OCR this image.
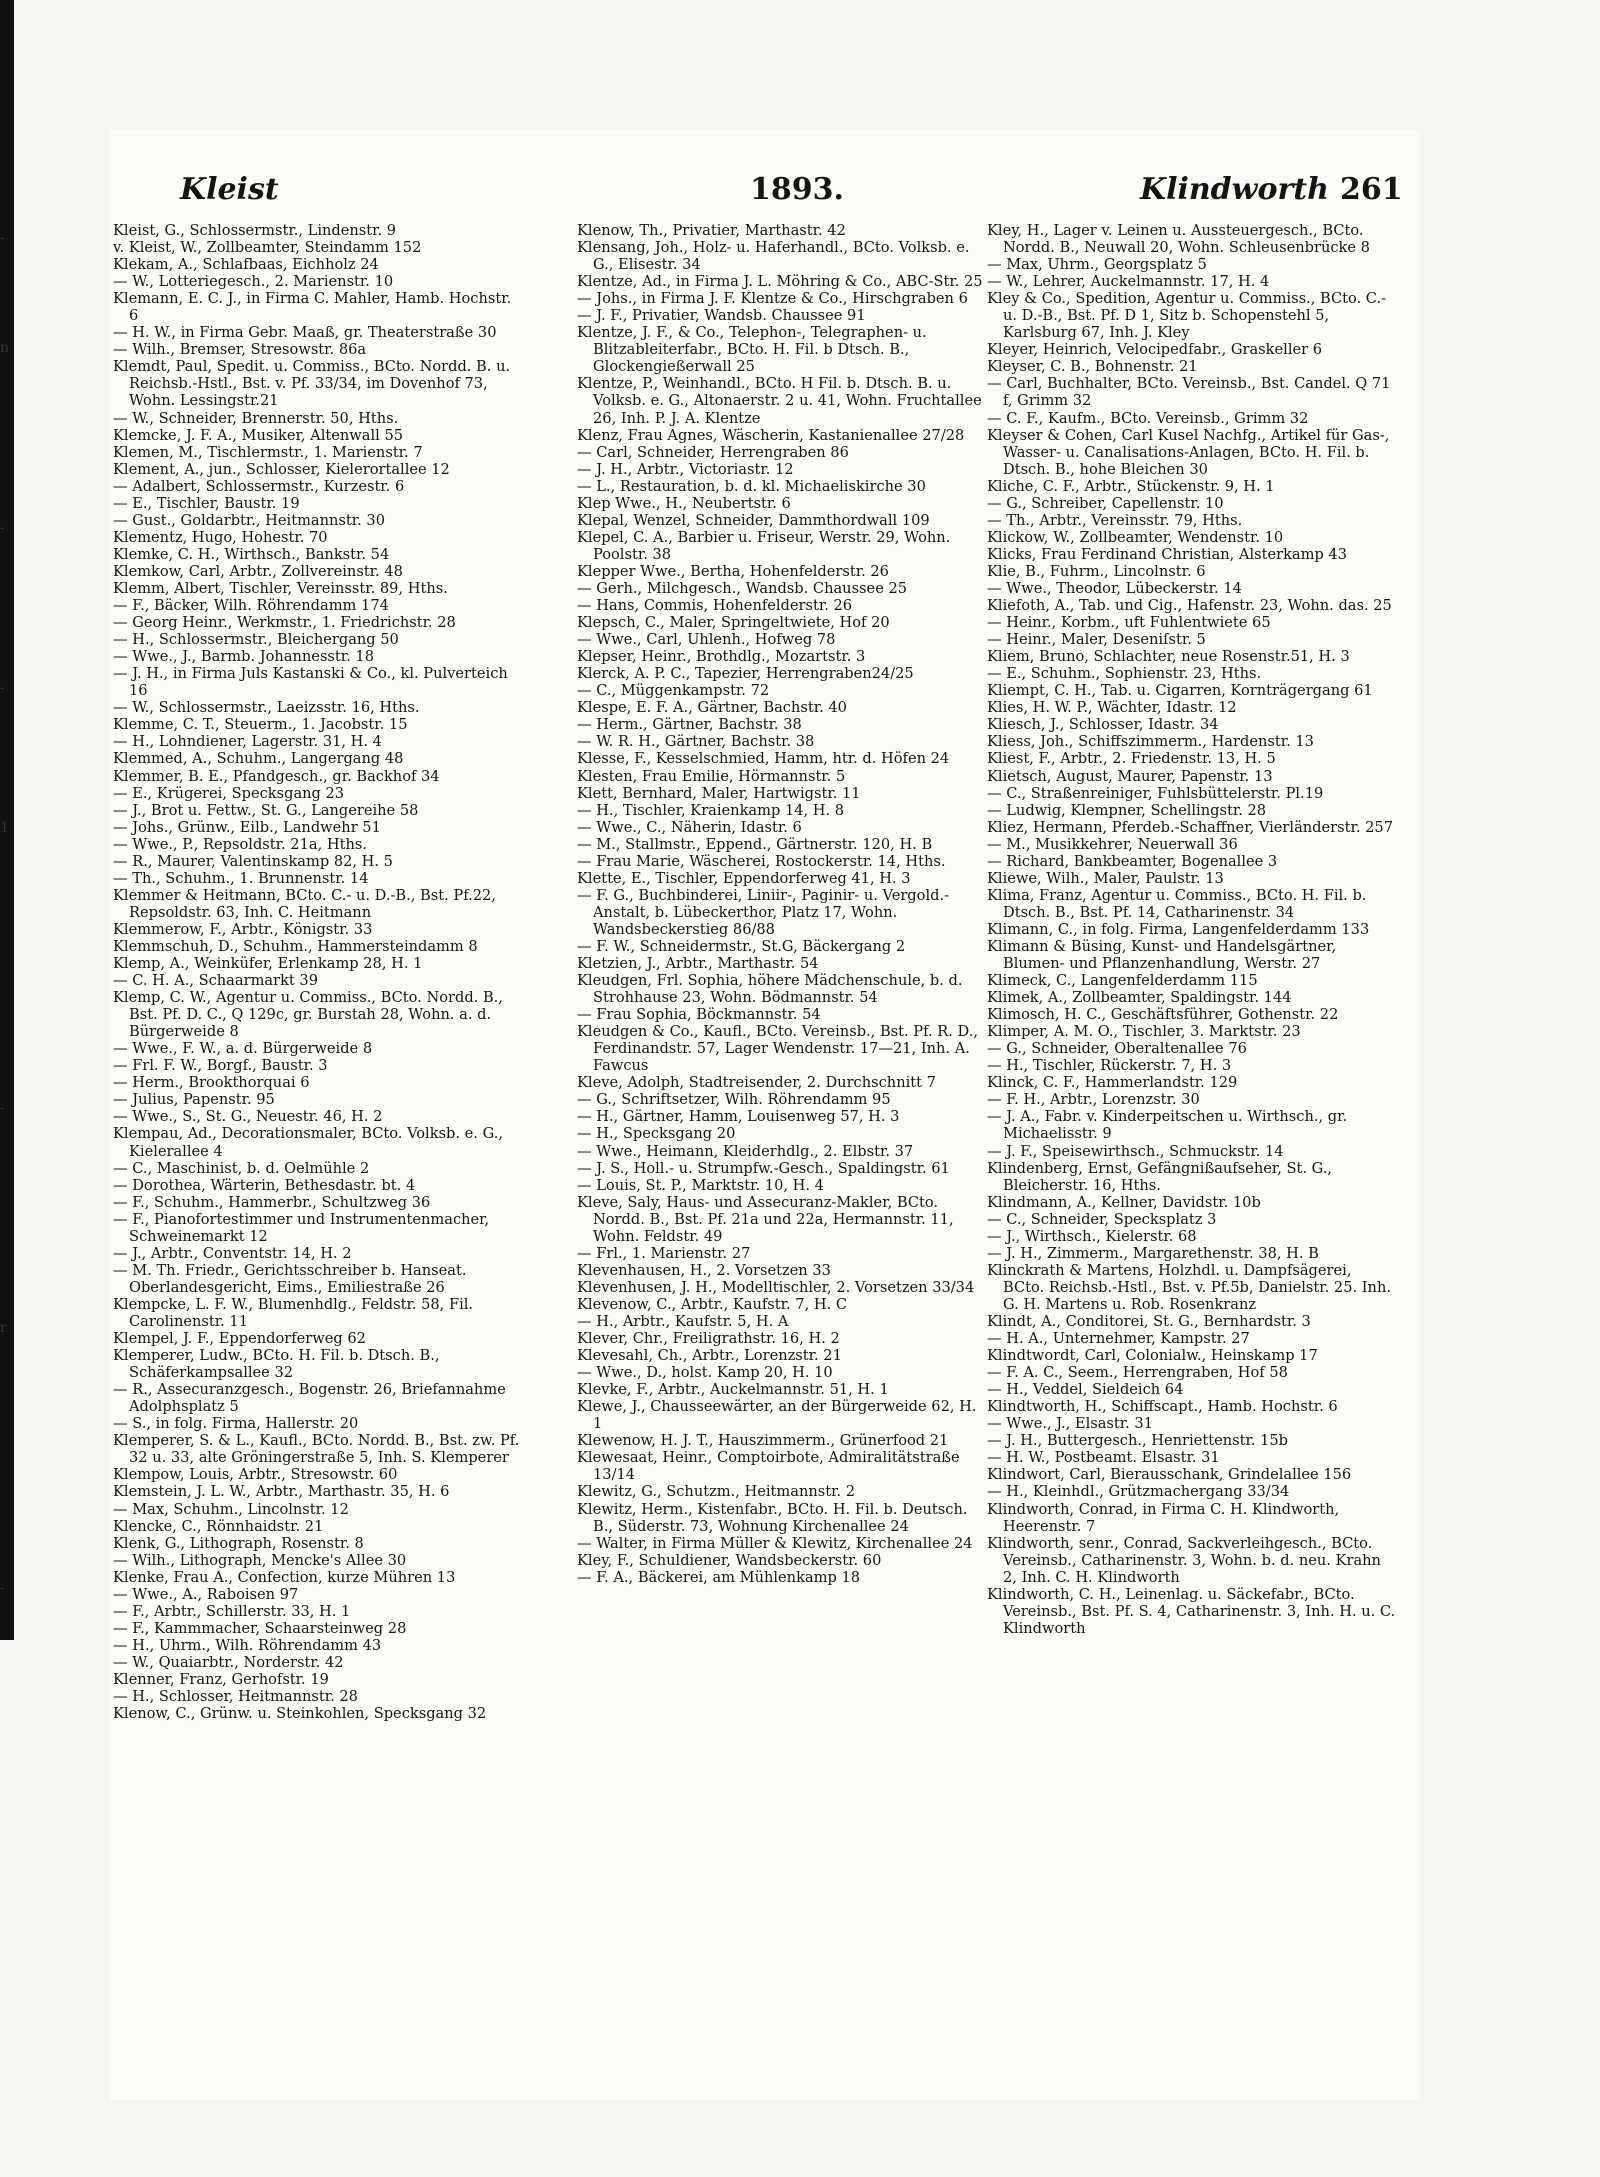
-
n
-
-
1
-
r
-
Kleist	1893.	Klindworth 261
Kleist, G., Schlossermstr., Lindenstr. 9
v. Kleist, W., Zollbeamter, Steindamm 152
Klekam, A., Schlafbaas, Eichholz 24
— W., Lotteriegesch., 2. Marienstr. 10
Klemann, E. C. J., in Firma C. Mahler, Hamb. Hochstr. 6
— H. W., in Firma Gebr. Maaß, gr. Theaterstraße 30
— Wilh., Bremser, Stresowstr. 86a
Klemdt, Paul, Spedit. u. Commiss., BCto. Nordd. B. u. Reichsb.-Hstl., Bst. v. Pf. 33/34, im Dovenhof 73, Wohn. Lessingstr.21
— W., Schneider, Brennerstr. 50, Hths.
Klemcke, J. F. A., Musiker, Altenwall 55
Klemen, M., Tischlermstr., 1. Marienstr. 7
Klement, A., jun., Schlosser, Kielerortallee 12
— Adalbert, Schlossermstr., Kurzestr. 6
— E., Tischler, Baustr. 19
— Gust., Goldarbtr., Heitmannstr. 30
Klementz, Hugo, Hohestr. 70
Klemke, C. H., Wirthsch., Bankstr. 54
Klemkow, Carl, Arbtr., Zollvereinstr. 48
Klemm, Albert, Tischler, Vereinsstr. 89, Hths.
— F., Bäcker, Wilh. Röhrendamm 174
— Georg Heinr., Werkmstr., 1. Friedrichstr. 28
— H., Schlossermstr., Bleichergang 50
— Wwe., J., Barmb. Johannesstr. 18
— J. H., in Firma Juls Kastanski & Co., kl. Pulverteich 16
— W., Schlossermstr., Laeizsstr. 16, Hths.
Klemme, C. T., Steuerm., 1. Jacobstr. 15
— H., Lohndiener, Lagerstr. 31, H. 4
Klemmed, A., Schuhm., Langergang 48
Klemmer, B. E., Pfandgesch., gr. Backhof 34
— E., Krügerei, Specksgang 23
— J., Brot u. Fettw., St. G., Langereihe 58
— Johs., Grünw., Eilb., Landwehr 51
— Wwe., P., Repsoldstr. 21a, Hths.
— R., Maurer, Valentinskamp 82, H. 5
— Th., Schuhm., 1. Brunnenstr. 14
Klemmer & Heitmann, BCto. C.- u. D.-B., Bst. Pf.22, Repsoldstr. 63, Inh. C. Heitmann
Klemmerow, F., Arbtr., Königstr. 33
Klemmschuh, D., Schuhm., Hammersteindamm 8
Klemp, A., Weinküfer, Erlenkamp 28, H. 1
— C. H. A., Schaarmarkt 39
Klemp, C. W., Agentur u. Commiss., BCto. Nordd. B., Bst. Pf. D. C., Q 129c, gr. Burstah 28, Wohn. a. d. Bürgerweide 8
— Wwe., F. W., a. d. Bürgerweide 8
— Frl. F. W., Borgf., Baustr. 3
— Herm., Brookthorquai 6
— Julius, Papenstr. 95
— Wwe., S., St. G., Neuestr. 46, H. 2
Klempau, Ad., Decorationsmaler, BCto. Volksb. e. G., Kielerallee 4
— C., Maschinist, b. d. Oelmühle 2
— Dorothea, Wärterin, Bethesdastr. bt. 4
— F., Schuhm., Hammerbr., Schultzweg 36
— F., Pianofortestimmer und Instrumentenmacher, Schweinemarkt 12
— J., Arbtr., Conventstr. 14, H. 2
— M. Th. Friedr., Gerichtsschreiber b. Hanseat. Oberlandesgericht, Eims., Emiliestraße 26
Klempcke, L. F. W., Blumenhdlg., Feldstr. 58, Fil. Carolinenstr. 11
Klempel, J. F., Eppendorferweg 62
Klemperer, Ludw., BCto. H. Fil. b. Dtsch. B., Schäferkampsallee 32
— R., Assecuranzgesch., Bogenstr. 26, Briefannahme Adolphsplatz 5
— S., in folg. Firma, Hallerstr. 20
Klemperer, S. & L., Kaufl., BCto. Nordd. B., Bst. zw. Pf. 32 u. 33, alte Gröningerstraße 5, Inh. S. Klemperer
Klempow, Louis, Arbtr., Stresowstr. 60
Klemstein, J. L. W., Arbtr., Marthastr. 35, H. 6
— Max, Schuhm., Lincolnstr. 12
Klencke, C., Rönnhaidstr. 21
Klenk, G., Lithograph, Rosenstr. 8
— Wilh., Lithograph, Mencke's Allee 30
Klenke, Frau A., Confection, kurze Mühren 13
— Wwe., A., Raboisen 97
— F., Arbtr., Schillerstr. 33, H. 1
— F., Kammmacher, Schaarsteinweg 28
— H., Uhrm., Wilh. Röhrendamm 43
— W., Quaiarbtr., Norderstr. 42
Klenner, Franz, Gerhofstr. 19
— H., Schlosser, Heitmannstr. 28
Klenow, C., Grünw. u. Steinkohlen, Specksgang 32
Klenow, Th., Privatier, Marthastr. 42
Klensang, Joh., Holz- u. Haferhandl., BCto. Volksb. e. G., Elisestr. 34
Klentze, Ad., in Firma J. L. Möhring & Co., ABC-Str. 25
— Johs., in Firma J. F. Klentze & Co., Hirschgraben 6
— J. F., Privatier, Wandsb. Chaussee 91
Klentze, J. F., & Co., Telephon-, Telegraphen- u. Blitzableiterfabr., BCto. H. Fil. b Dtsch. B., Glockengießerwall 25
Klentze, P., Weinhandl., BCto. H Fil. b. Dtsch. B. u. Volksb. e. G., Altonaerstr. 2 u. 41, Wohn. Fruchtallee 26, Inh. P. J. A. Klentze
Klenz, Frau Agnes, Wäscherin, Kastanienallee 27/28
— Carl, Schneider, Herrengraben 86
— J. H., Arbtr., Victoriastr. 12
— L., Restauration, b. d. kl. Michaeliskirche 30
Klep Wwe., H., Neubertstr. 6
Klepal, Wenzel, Schneider, Dammthordwall 109
Klepel, C. A., Barbier u. Friseur, Werstr. 29, Wohn. Poolstr. 38
Klepper Wwe., Bertha, Hohenfelderstr. 26
— Gerh., Milchgesch., Wandsb. Chaussee 25
— Hans, Commis, Hohenfelderstr. 26
Klepsch, C., Maler, Springeltwiete, Hof 20
— Wwe., Carl, Uhlenh., Hofweg 78
Klepser, Heinr., Brothdlg., Mozartstr. 3
Klerck, A. P. C., Tapezier, Herrengraben24/25
— C., Müggenkampstr. 72
Klespe, E. F. A., Gärtner, Bachstr. 40
— Herm., Gärtner, Bachstr. 38
— W. R. H., Gärtner, Bachstr. 38
Klesse, F., Kesselschmied, Hamm, htr. d. Höfen 24
Klesten, Frau Emilie, Hörmannstr. 5
Klett, Bernhard, Maler, Hartwigstr. 11
— H., Tischler, Kraienkamp 14, H. 8
— Wwe., C., Näherin, Idastr. 6
— M., Stallmstr., Eppend., Gärtnerstr. 120, H. B
— Frau Marie, Wäscherei, Rostockerstr. 14, Hths.
Klette, E., Tischler, Eppendorferweg 41, H. 3
— F. G., Buchbinderei, Liniir-, Paginir- u. Vergold.-Anstalt, b. Lübeckerthor, Platz 17, Wohn. Wandsbeckerstieg 86/88
— F. W., Schneidermstr., St.G, Bäckergang 2
Kletzien, J., Arbtr., Marthastr. 54
Kleudgen, Frl. Sophia, höhere Mädchenschule, b. d. Strohhause 23, Wohn. Bödmannstr. 54
— Frau Sophia, Böckmannstr. 54
Kleudgen & Co., Kaufl., BCto. Vereinsb., Bst. Pf. R. D., Ferdinandstr. 57, Lager Wendenstr. 17—21, Inh. A. Fawcus
Kleve, Adolph, Stadtreisender, 2. Durchschnitt 7
— G., Schriftsetzer, Wilh. Röhrendamm 95
— H., Gärtner, Hamm, Louisenweg 57, H. 3
— H., Specksgang 20
— Wwe., Heimann, Kleiderhdlg., 2. Elbstr. 37
— J. S., Holl.- u. Strumpfw.-Gesch., Spaldingstr. 61
— Louis, St. P., Marktstr. 10, H. 4
Kleve, Saly, Haus- und Assecuranz-Makler, BCto. Nordd. B., Bst. Pf. 21a und 22a, Hermannstr. 11, Wohn. Feldstr. 49
— Frl., 1. Marienstr. 27
Klevenhausen, H., 2. Vorsetzen 33
Klevenhusen, J. H., Modelltischler, 2. Vorsetzen 33/34
Klevenow, C., Arbtr., Kaufstr. 7, H. C
— H., Arbtr., Kaufstr. 5, H. A
Klever, Chr., Freiligrathstr. 16, H. 2
Klevesahl, Ch., Arbtr., Lorenzstr. 21
— Wwe., D., holst. Kamp 20, H. 10
Klevke, F., Arbtr., Auckelmannstr. 51, H. 1
Klewe, J., Chausseewärter, an der Bürgerweide 62, H. 1
Klewenow, H. J. T., Hauszimmerm., Grünerfood 21
Klewesaat, Heinr., Comptoirbote, Admiralitätstraße 13/14
Klewitz, G., Schutzm., Heitmannstr. 2
Klewitz, Herm., Kistenfabr., BCto. H. Fil. b. Deutsch. B., Süderstr. 73, Wohnung Kirchenallee 24
— Walter, in Firma Müller & Klewitz, Kirchenallee 24
Kley, F., Schuldiener, Wandsbeckerstr. 60
— F. A., Bäckerei, am Mühlenkamp 18
Kley, H., Lager v. Leinen u. Aussteuergesch., BCto. Nordd. B., Neuwall 20, Wohn. Schleusenbrücke 8
— Max, Uhrm., Georgsplatz 5
— W., Lehrer, Auckelmannstr. 17, H. 4
Kley & Co., Spedition, Agentur u. Commiss., BCto. C.- u. D.-B., Bst. Pf. D 1, Sitz b. Schopenstehl 5, Karlsburg 67, Inh. J. Kley
Kleyer, Heinrich, Velocipedfabr., Graskeller 6
Kleyser, C. B., Bohnenstr. 21
— Carl, Buchhalter, BCto. Vereinsb., Bst. Candel. Q 71 f, Grimm 32
— C. F., Kaufm., BCto. Vereinsb., Grimm 32
Kleyser & Cohen, Carl Kusel Nachfg., Artikel für Gas-, Wasser- u. Canalisations-Anlagen, BCto. H. Fil. b. Dtsch. B., hohe Bleichen 30
Kliche, C. F., Arbtr., Stückenstr. 9, H. 1
— G., Schreiber, Capellenstr. 10
— Th., Arbtr., Vereinsstr. 79, Hths.
Klickow, W., Zollbeamter, Wendenstr. 10
Klicks, Frau Ferdinand Christian, Alsterkamp 43
Klie, B., Fuhrm., Lincolnstr. 6
— Wwe., Theodor, Lübeckerstr. 14
Kliefoth, A., Tab. und Cig., Hafenstr. 23, Wohn. das. 25
— Heinr., Korbm., uft Fuhlentwiete 65
— Heinr., Maler, Deseniſstr. 5
Kliem, Bruno, Schlachter, neue Rosenstr.51, H. 3
— E., Schuhm., Sophienstr. 23, Hths.
Kliempt, C. H., Tab. u. Cigarren, Kornträgergang 61
Klies, H. W. P., Wächter, Idastr. 12
Kliesch, J., Schlosser, Idastr. 34
Kliess, Joh., Schiffszimmerm., Hardenstr. 13
Kliest, F., Arbtr., 2. Friedenstr. 13, H. 5
Klietsch, August, Maurer, Papenstr. 13
— C., Straßenreiniger, Fuhlsbüttelerstr. Pl.19
— Ludwig, Klempner, Schellingstr. 28
Kliez, Hermann, Pferdeb.-Schaffner, Vierländerstr. 257
— M., Musikkehrer, Neuerwall 36
— Richard, Bankbeamter, Bogenallee 3
Kliewe, Wilh., Maler, Paulstr. 13
Klima, Franz, Agentur u. Commiss., BCto. H. Fil. b. Dtsch. B., Bst. Pf. 14, Catharinenstr. 34
Klimann, C., in folg. Firma, Langenfelderdamm 133
Klimann & Büsing, Kunst- und Handelsgärtner, Blumen- und Pflanzenhandlung, Werstr. 27
Klimeck, C., Langenfelderdamm 115
Klimek, A., Zollbeamter, Spaldingstr. 144
Klimosch, H. C., Geschäftsführer, Gothenstr. 22
Klimper, A. M. O., Tischler, 3. Marktstr. 23
— G., Schneider, Oberaltenallee 76
— H., Tischler, Rückerstr. 7, H. 3
Klinck, C. F., Hammerlandstr. 129
— F. H., Arbtr., Lorenzstr. 30
— J. A., Fabr. v. Kinderpeitschen u. Wirthsch., gr. Michaelisstr. 9
— J. F., Speisewirthsch., Schmuckstr. 14
Klindenberg, Ernst, Gefängnißaufseher, St. G., Bleicherstr. 16, Hths.
Klindmann, A., Kellner, Davidstr. 10b
— C., Schneider, Specksplatz 3
— J., Wirthsch., Kielerstr. 68
— J. H., Zimmerm., Margarethenstr. 38, H. B
Klinckrath & Martens, Holzhdl. u. Dampfsägerei, BCto. Reichsb.-Hstl., Bst. v. Pf.5b, Danielstr. 25. Inh. G. H. Martens u. Rob. Rosenkranz
Klindt, A., Conditorei, St. G., Bernhardstr. 3
— H. A., Unternehmer, Kampstr. 27
Klindtwordt, Carl, Colonialw., Heinskamp 17
— F. A. C., Seem., Herrengraben, Hof 58
— H., Veddel, Sieldeich 64
Klindtworth, H., Schiffscapt., Hamb. Hochstr. 6
— Wwe., J., Elsastr. 31
— J. H., Buttergesch., Henriettenstr. 15b
— H. W., Postbeamt. Elsastr. 31
Klindwort, Carl, Bierausschank, Grindelallee 156
— H., Kleinhdl., Grützmachergang 33/34
Klindworth, Conrad, in Firma C. H. Klindworth, Heerenstr. 7
Klindworth, senr., Conrad, Sackverleihgesch., BCto. Vereinsb., Catharinenstr. 3, Wohn. b. d. neu. Krahn 2, Inh. C. H. Klindworth
Klindworth, C. H., Leinenlag. u. Säckefabr., BCto. Vereinsb., Bst. Pf. S. 4, Catharinenstr. 3, Inh. H. u. C. Klindworth
